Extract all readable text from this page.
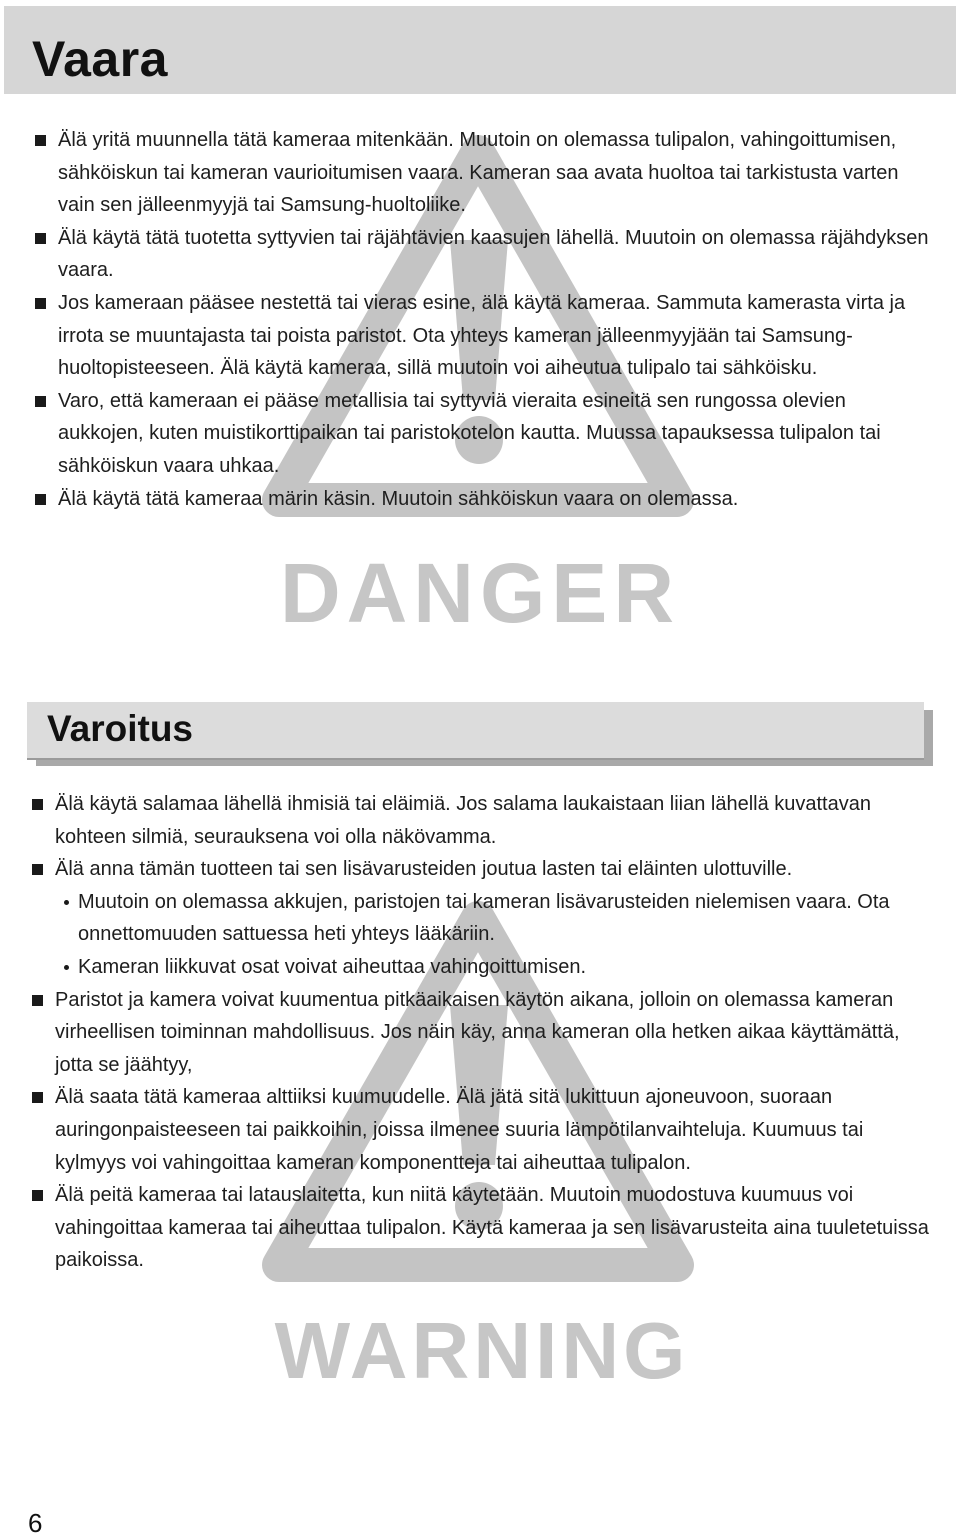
DANGER
WARNING
Vaara
Älä yritä muunnella tätä kameraa mitenkään. Muutoin on olemassa tulipalon, vahingoittumisen, sähköiskun tai kameran vaurioitumisen vaara. Kameran saa avata huoltoa tai tarkistusta varten vain sen jälleenmyyjä tai Samsung-huoltoliike.
Älä käytä tätä tuotetta syttyvien tai räjähtävien kaasujen lähellä. Muutoin on olemassa räjähdyksen vaara.
Jos kameraan pääsee nestettä tai vieras esine, älä käytä kameraa. Sammuta kamerasta virta ja irrota se muuntajasta tai poista paristot. Ota yhteys kameran jälleenmyyjään tai Samsung-huoltopisteeseen. Älä käytä kameraa, sillä muutoin voi aiheutua tulipalo tai sähköisku.
Varo, että kameraan ei pääse metallisia tai syttyviä vieraita esineitä sen rungossa olevien aukkojen, kuten muistikorttipaikan tai paristokotelon kautta. Muussa tapauksessa tulipalon tai sähköiskun vaara uhkaa.
Älä käytä tätä kameraa märin käsin. Muutoin sähköiskun vaara on olemassa.
Varoitus
Älä käytä salamaa lähellä ihmisiä tai eläimiä. Jos salama laukaistaan liian lähellä kuvattavan kohteen silmiä, seurauksena voi olla näkövamma.
Älä anna tämän tuotteen tai sen lisävarusteiden joutua lasten tai eläinten ulottuville.
Muutoin on olemassa akkujen, paristojen tai kameran lisävarusteiden nielemisen vaara. Ota onnettomuuden sattuessa heti yhteys lääkäriin.
Kameran liikkuvat osat voivat aiheuttaa vahingoittumisen.
Paristot ja kamera voivat kuumentua pitkäaikaisen käytön aikana, jolloin on olemassa kameran virheellisen toiminnan mahdollisuus. Jos näin käy, anna kameran olla hetken aikaa käyttämättä, jotta se jäähtyy,
Älä saata tätä kameraa alttiiksi kuumuudelle. Älä jätä sitä lukittuun ajoneuvoon, suoraan auringonpaisteeseen tai paikkoihin, joissa ilmenee suuria lämpötilanvaihteluja. Kuumuus tai kylmyys voi vahingoittaa kameran komponentteja tai aiheuttaa tulipalon.
Älä peitä kameraa tai latauslaitetta, kun niitä käytetään. Muutoin muodostuva kuumuus voi vahingoittaa kameraa tai aiheuttaa tulipalon. Käytä kameraa ja sen lisävarusteita aina tuuletetuissa paikoissa.
6
